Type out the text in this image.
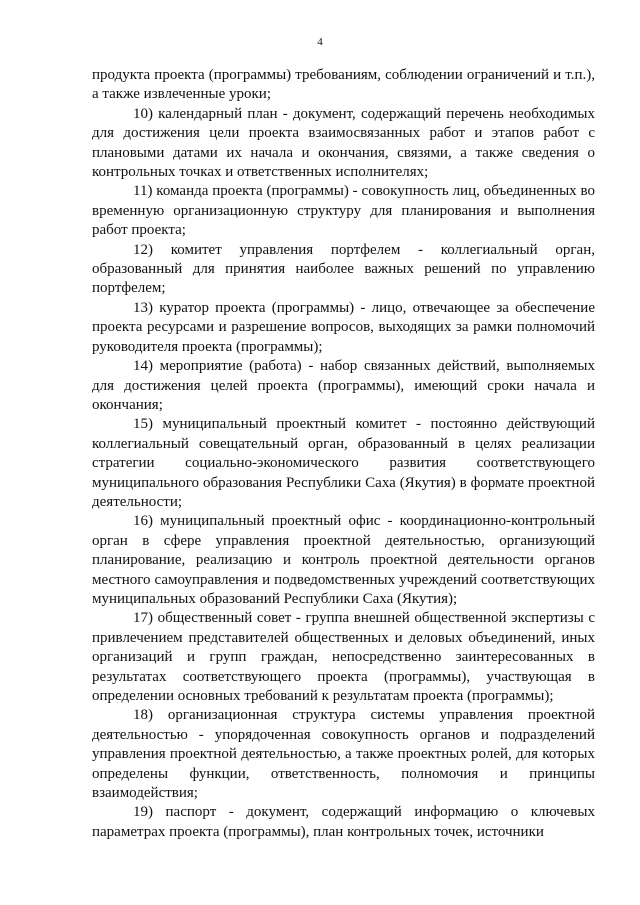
4

продукта проекта (программы) требованиям, соблюдении ограничений и т.п.), а также извлеченные уроки;

10) календарный план - документ, содержащий перечень необходимых для достижения цели проекта взаимосвязанных работ и этапов работ с плановыми датами их начала и окончания, связями, а также сведения о контрольных точках и ответственных исполнителях;

11) команда проекта (программы) - совокупность лиц, объединенных во временную организационную структуру для планирования и выполнения работ проекта;

12) комитет управления портфелем - коллегиальный орган, образованный для принятия наиболее важных решений по управлению портфелем;

13) куратор проекта (программы) - лицо, отвечающее за обеспечение проекта ресурсами и разрешение вопросов, выходящих за рамки полномочий руководителя проекта (программы);

14) мероприятие (работа) - набор связанных действий, выполняемых для достижения целей проекта (программы), имеющий сроки начала и окончания;

15) муниципальный проектный комитет - постоянно действующий коллегиальный совещательный орган, образованный в целях реализации стратегии социально-экономического развития соответствующего муниципального образования Республики Саха (Якутия) в формате проектной деятельности;

16) муниципальный проектный офис - координационно-контрольный орган в сфере управления проектной деятельностью, организующий планирование, реализацию и контроль проектной деятельности органов местного самоуправления и подведомственных учреждений соответствующих муниципальных образований Республики Саха (Якутия);

17) общественный совет - группа внешней общественной экспертизы с привлечением представителей общественных и деловых объединений, иных организаций и групп граждан, непосредственно заинтересованных в результатах соответствующего проекта (программы), участвующая в определении основных требований к результатам проекта (программы);

18) организационная структура системы управления проектной деятельностью - упорядоченная совокупность органов и подразделений управления проектной деятельностью, а также проектных ролей, для которых определены функции, ответственность, полномочия и принципы взаимодействия;

19) паспорт - документ, содержащий информацию о ключевых параметрах проекта (программы), план контрольных точек, источники
